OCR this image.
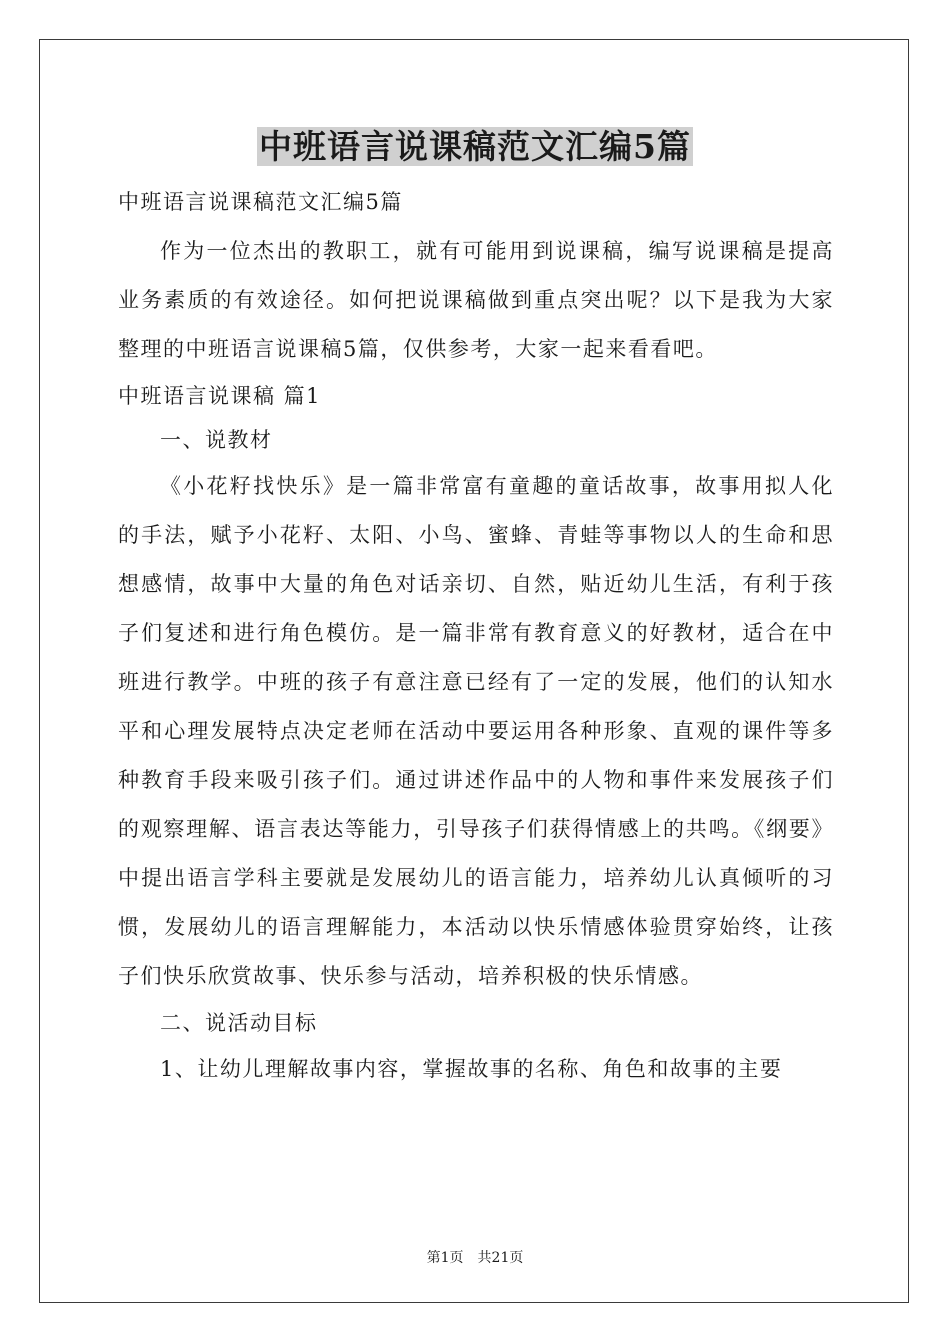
中班语言说课稿范文汇编5篇

中班语言说课稿范文汇编5篇

作为一位杰出的教职工，就有可能用到说课稿，编写说课稿是提高业务素质的有效途径。如何把说课稿做到重点突出呢？以下是我为大家整理的中班语言说课稿5篇，仅供参考，大家一起来看看吧。

中班语言说课稿 篇1

一、说教材

《小花籽找快乐》是一篇非常富有童趣的童话故事，故事用拟人化的手法，赋予小花籽、太阳、小鸟、蜜蜂、青蛙等事物以人的生命和思想感情，故事中大量的角色对话亲切、自然，贴近幼儿生活，有利于孩子们复述和进行角色模仿。是一篇非常有教育意义的好教材，适合在中班进行教学。中班的孩子有意注意已经有了一定的发展，他们的认知水平和心理发展特点决定老师在活动中要运用各种形象、直观的课件等多种教育手段来吸引孩子们。通过讲述作品中的人物和事件来发展孩子们的观察理解、语言表达等能力，引导孩子们获得情感上的共鸣。《纲要》中提出语言学科主要就是发展幼儿的语言能力，培养幼儿认真倾听的习惯，发展幼儿的语言理解能力，本活动以快乐情感体验贯穿始终，让孩子们快乐欣赏故事、快乐参与活动，培养积极的快乐情感。

二、说活动目标

1、让幼儿理解故事内容，掌握故事的名称、角色和故事的主要

第1页 共21页
